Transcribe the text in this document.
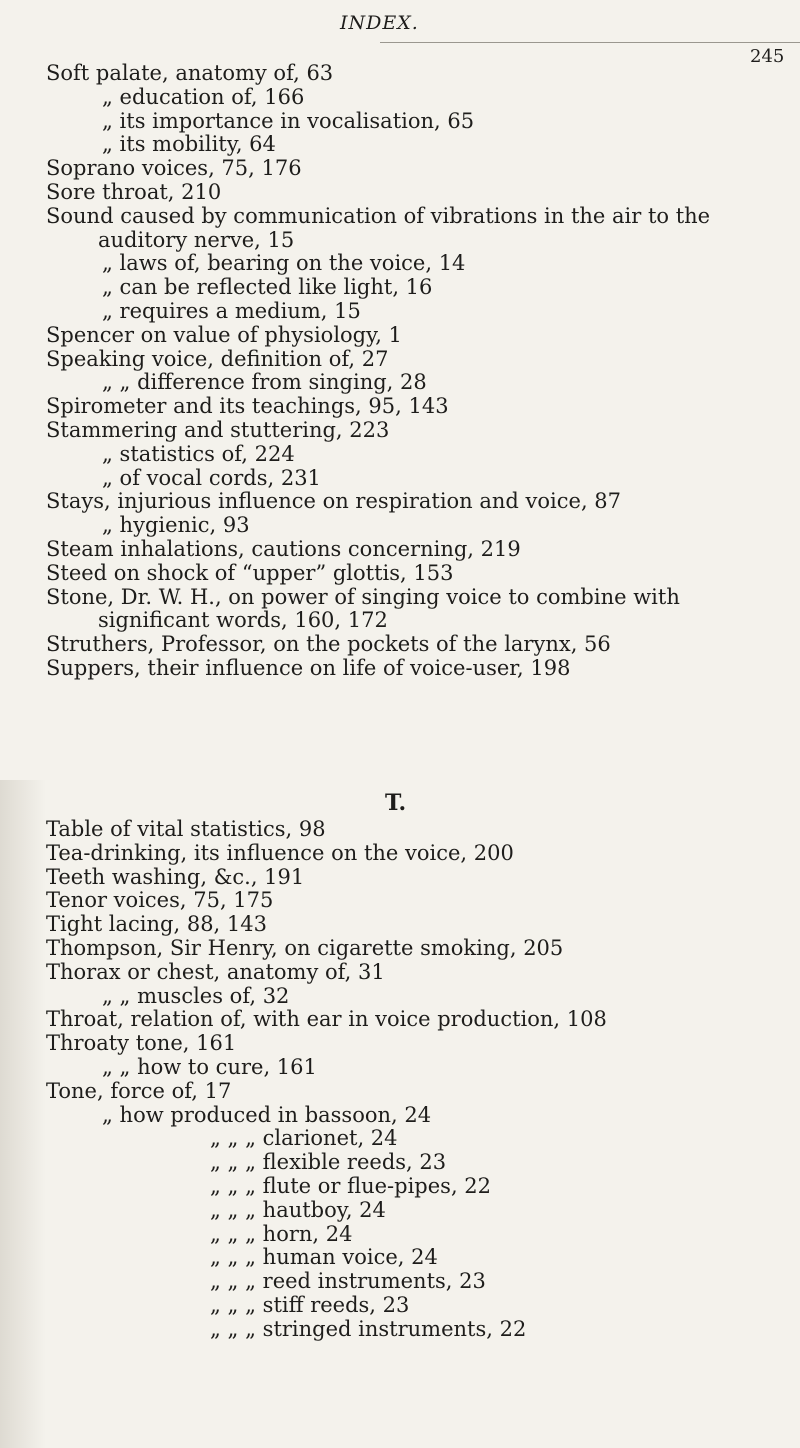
INDEX.
245
Soft palate, anatomy of, 63
„ education of, 166
„ its importance in vocalisation, 65
„ its mobility, 64
Soprano voices, 75, 176
Sore throat, 210
Sound caused by communication of vibrations in the air to the
auditory nerve, 15
„ laws of, bearing on the voice, 14
„ can be reflected like light, 16
„ requires a medium, 15
Spencer on value of physiology, 1
Speaking voice, definition of, 27
„ „ difference from singing, 28
Spirometer and its teachings, 95, 143
Stammering and stuttering, 223
„ statistics of, 224
„ of vocal cords, 231
Stays, injurious influence on respiration and voice, 87
„ hygienic, 93
Steam inhalations, cautions concerning, 219
Steed on shock of “upper” glottis, 153
Stone, Dr. W. H., on power of singing voice to combine with
significant words, 160, 172
Struthers, Professor, on the pockets of the larynx, 56
Suppers, their influence on life of voice-user, 198
T.
Table of vital statistics, 98
Tea-drinking, its influence on the voice, 200
Teeth washing, &c., 191
Tenor voices, 75, 175
Tight lacing, 88, 143
Thompson, Sir Henry, on cigarette smoking, 205
Thorax or chest, anatomy of, 31
„ „ muscles of, 32
Throat, relation of, with ear in voice production, 108
Throaty tone, 161
„ „ how to cure, 161
Tone, force of, 17
„ how produced in bassoon, 24
„ „ „ clarionet, 24
„ „ „ flexible reeds, 23
„ „ „ flute or flue-pipes, 22
„ „ „ hautboy, 24
„ „ „ horn, 24
„ „ „ human voice, 24
„ „ „ reed instruments, 23
„ „ „ stiff reeds, 23
„ „ „ stringed instruments, 22
